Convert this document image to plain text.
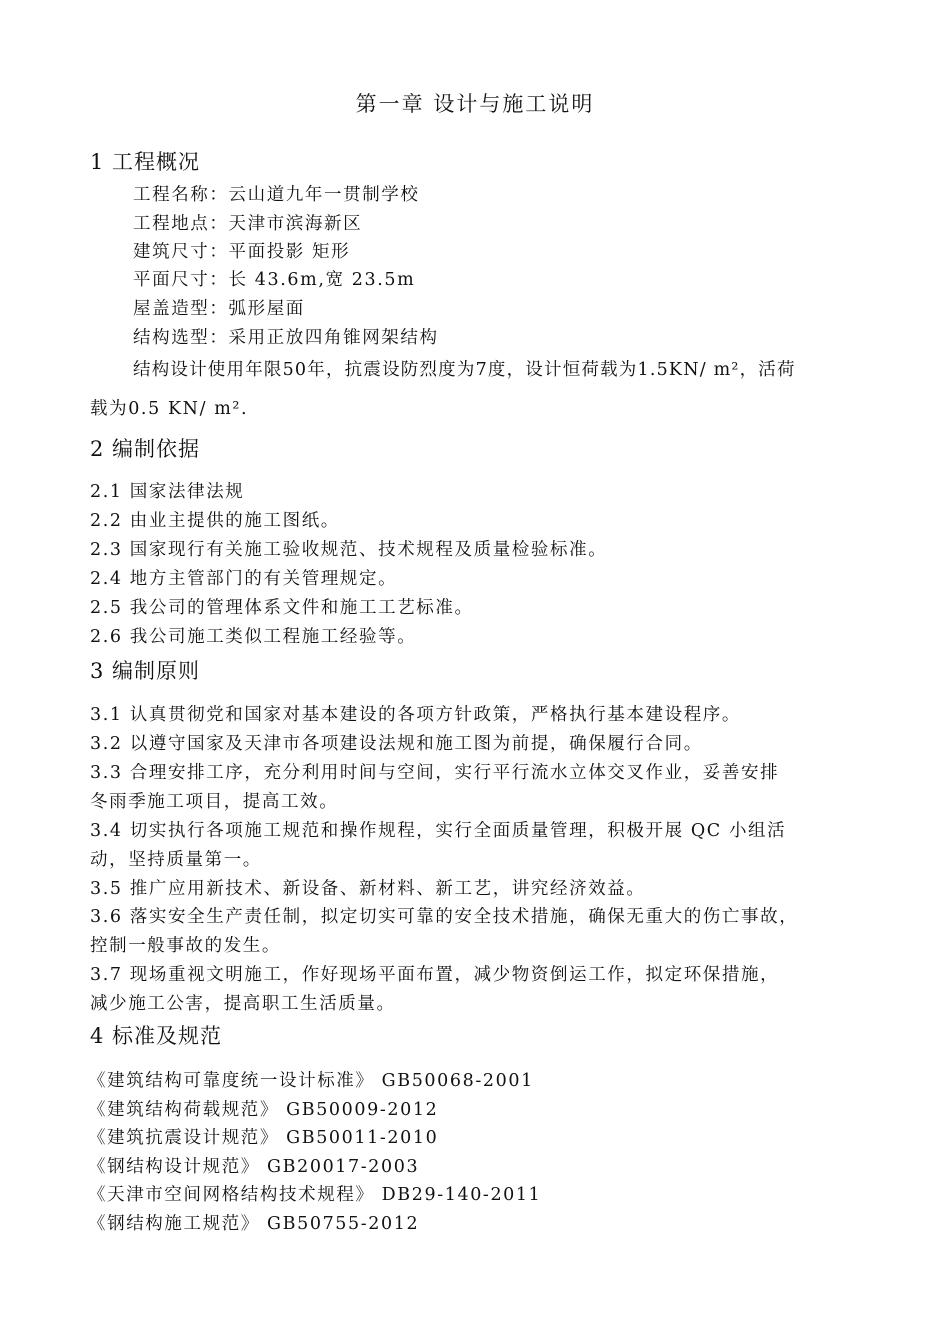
第一章 设计与施工说明
1 工程概况
工程名称：云山道九年一贯制学校
工程地点：天津市滨海新区
建筑尺寸：平面投影 矩形
平面尺寸：长 43.6m,宽 23.5m
屋盖造型：弧形屋面
结构选型：采用正放四角锥网架结构
结构设计使用年限50年，抗震设防烈度为7度，设计恒荷载为1.5KN/ m²，活荷
载为0.5 KN/ m².
2 编制依据
2.1 国家法律法规
2.2 由业主提供的施工图纸。
2.3 国家现行有关施工验收规范、技术规程及质量检验标准。
2.4 地方主管部门的有关管理规定。
2.5 我公司的管理体系文件和施工工艺标准。
2.6 我公司施工类似工程施工经验等。
3 编制原则
3.1 认真贯彻党和国家对基本建设的各项方针政策，严格执行基本建设程序。
3.2 以遵守国家及天津市各项建设法规和施工图为前提，确保履行合同。
3.3 合理安排工序，充分利用时间与空间，实行平行流水立体交叉作业，妥善安排
冬雨季施工项目，提高工效。
3.4 切实执行各项施工规范和操作规程，实行全面质量管理，积极开展 QC 小组活
动，坚持质量第一。
3.5 推广应用新技术、新设备、新材料、新工艺，讲究经济效益。
3.6 落实安全生产责任制，拟定切实可靠的安全技术措施，确保无重大的伤亡事故，
控制一般事故的发生。
3.7 现场重视文明施工，作好现场平面布置，减少物资倒运工作，拟定环保措施，
减少施工公害，提高职工生活质量。
4 标准及规范
《建筑结构可靠度统一设计标准》 GB50068-2001
《建筑结构荷载规范》 GB50009-2012
《建筑抗震设计规范》 GB50011-2010
《钢结构设计规范》 GB20017-2003
《天津市空间网格结构技术规程》 DB29-140-2011
《钢结构施工规范》 GB50755-2012
